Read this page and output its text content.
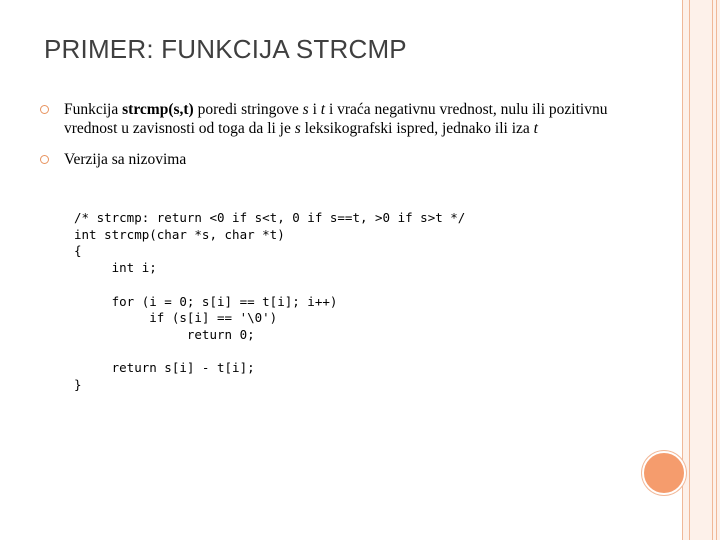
PRIMER: FUNKCIJA STRCMP
Funkcija strcmp(s,t) poredi stringove s i t i vraća negativnu vrednost, nulu ili pozitivnu vrednost u zavisnosti od toga da li je s leksikografski ispred, jednako ili iza t
Verzija sa nizovima
/* strcmp: return <0 if s<t, 0 if s==t, >0 if s>t */
int strcmp(char *s, char *t)
{
int i;

for (i = 0; s[i] == t[i]; i++)
if (s[i] == '\0')
return 0;

return s[i] - t[i];
}
